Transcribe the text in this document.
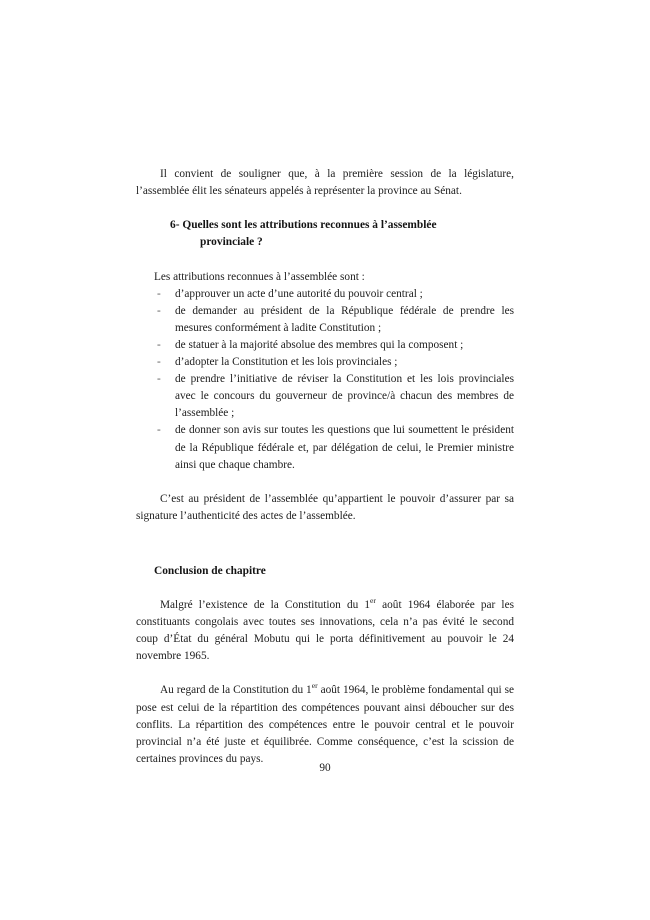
Il convient de souligner que, à la première session de la législature, l’assemblée élit les sénateurs appelés à représenter la province au Sénat.

6- Quelles sont les attributions reconnues à l’assemblée
provinciale ?

Les attributions reconnues à l’assemblée sont :

- d’approuver un acte d’une autorité du pouvoir central ;
- de demander au président de la République fédérale de prendre les mesures conformément à ladite Constitution ;
- de statuer à la majorité absolue des membres qui la composent ;
- d’adopter la Constitution et les lois provinciales ;
- de prendre l’initiative de réviser la Constitution et les lois provinciales avec le concours du gouverneur de province/à chacun des membres de l’assemblée ;
- de donner son avis sur toutes les questions que lui soumettent le président de la République fédérale et, par délégation de celui, le Premier ministre ainsi que chaque chambre.

C’est au président de l’assemblée qu’appartient le pouvoir d’assurer par sa signature l’authenticité des actes de l’assemblée.

Conclusion de chapitre

Malgré l’existence de la Constitution du 1er août 1964 élaborée par les constituants congolais avec toutes ses innovations, cela n’a pas évité le second coup d’État du général Mobutu qui le porta définitivement au pouvoir le 24 novembre 1965.

Au regard de la Constitution du 1er août 1964, le problème fondamental qui se pose est celui de la répartition des compétences pouvant ainsi déboucher sur des conflits. La répartition des compétences entre le pouvoir central et le pouvoir provincial n’a été juste et équilibrée. Comme conséquence, c’est la scission de certaines provinces du pays.

90
